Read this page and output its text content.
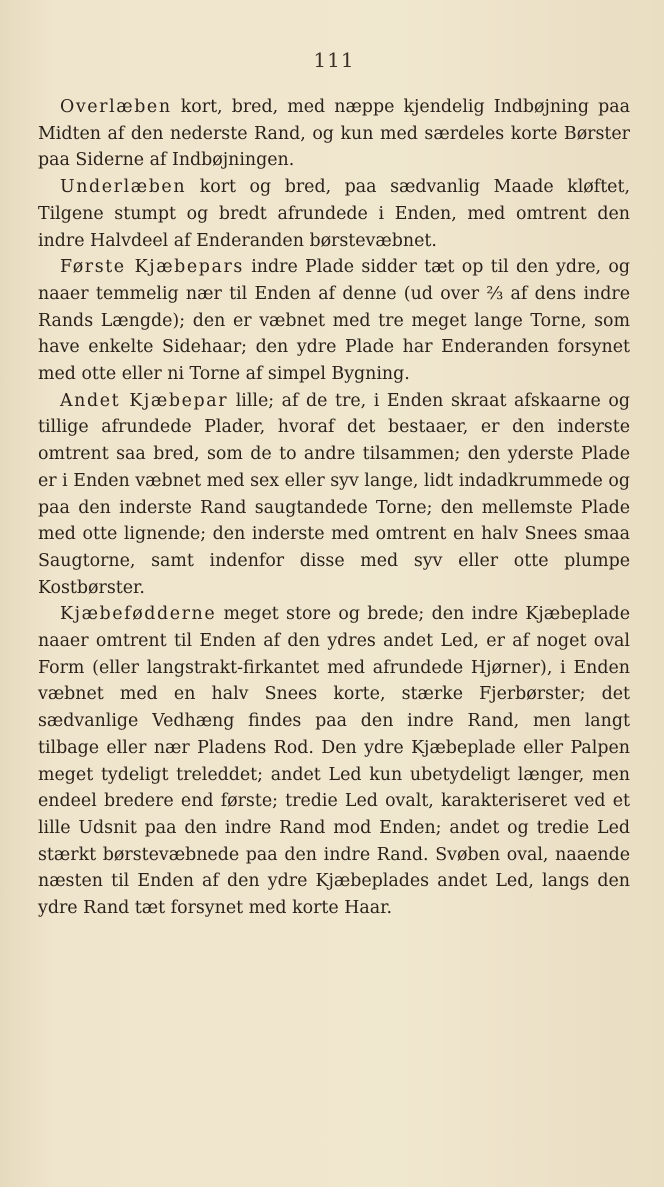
111

Overlæben kort, bred, med næppe kjendelig Indbøjning paa Midten af den nederste Rand, og kun med særdeles korte Børster paa Siderne af Indbøjningen.

Underlæben kort og bred, paa sædvanlig Maade kløftet, Tilgene stumpt og bredt afrundede i Enden, med omtrent den indre Halvdeel af Enderanden børstevæbnet.

Første Kjæbepars indre Plade sidder tæt op til den ydre, og naaer temmelig nær til Enden af denne (ud over ⅔ af dens indre Rands Længde); den er væbnet med tre meget lange Torne, som have enkelte Sidehaar; den ydre Plade har Enderanden forsynet med otte eller ni Torne af simpel Bygning.

Andet Kjæbepar lille; af de tre, i Enden skraat afskaarne og tillige afrundede Plader, hvoraf det bestaaer, er den inderste omtrent saa bred, som de to andre tilsammen; den yderste Plade er i Enden væbnet med sex eller syv lange, lidt indadkrummede og paa den inderste Rand saugtandede Torne; den mellemste Plade med otte lignende; den inderste med omtrent en halv Snees smaa Saugtorne, samt indenfor disse med syv eller otte plumpe Kostbørster.

Kjæbefødderne meget store og brede; den indre Kjæbeplade naaer omtrent til Enden af den ydres andet Led, er af noget oval Form (eller langstrakt-firkantet med afrundede Hjørner), i Enden væbnet med en halv Snees korte, stærke Fjerbørster; det sædvanlige Vedhæng findes paa den indre Rand, men langt tilbage eller nær Pladens Rod. Den ydre Kjæbeplade eller Palpen meget tydeligt treleddet; andet Led kun ubetydeligt længer, men endeel bredere end første; tredie Led ovalt, karakteriseret ved et lille Udsnit paa den indre Rand mod Enden; andet og tredie Led stærkt børstevæbnede paa den indre Rand. Svøben oval, naaende næsten til Enden af den ydre Kjæbeplades andet Led, langs den ydre Rand tæt forsynet med korte Haar.
